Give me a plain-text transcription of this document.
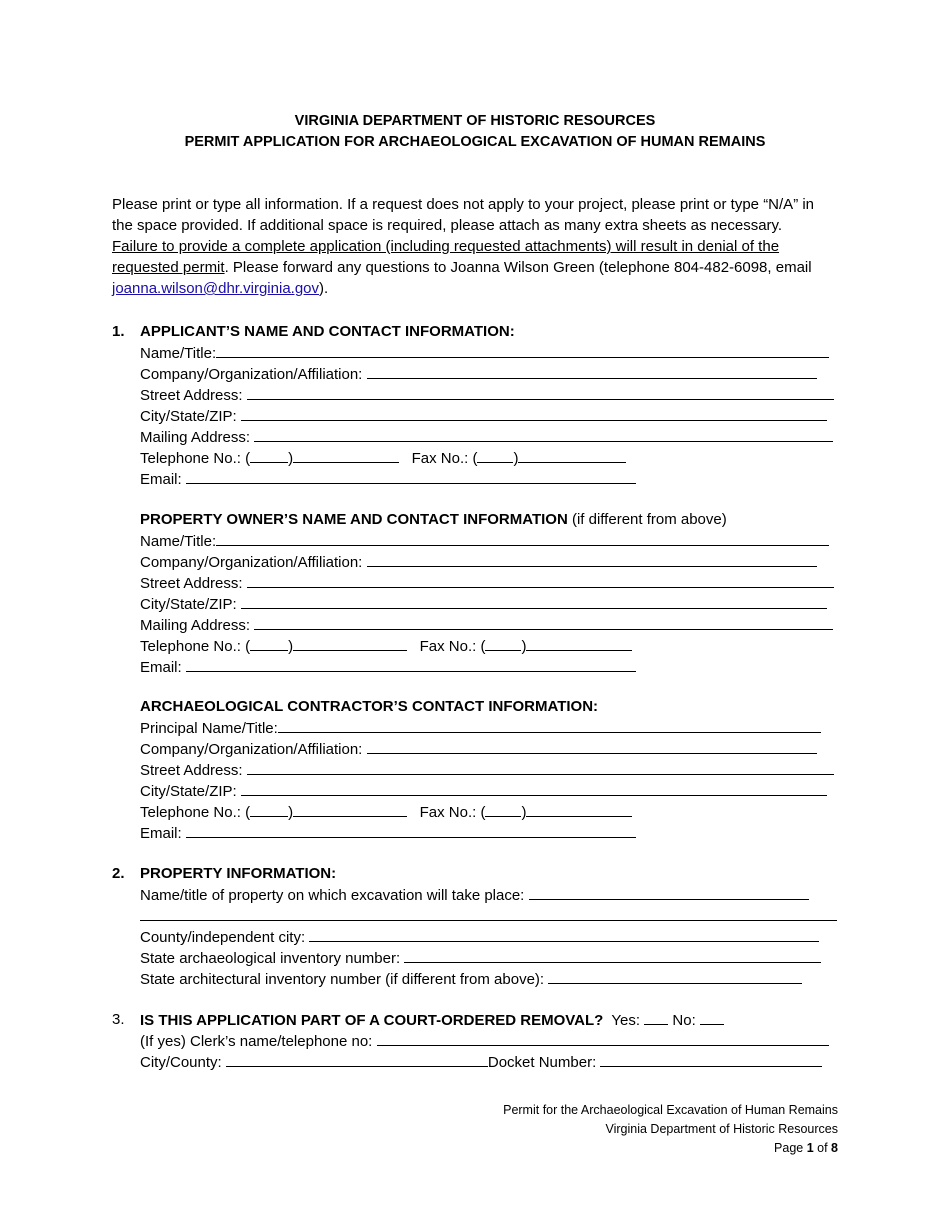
VIRGINIA DEPARTMENT OF HISTORIC RESOURCES
PERMIT APPLICATION FOR ARCHAEOLOGICAL EXCAVATION OF HUMAN REMAINS
Please print or type all information. If a request does not apply to your project, please print or type “N/A” in the space provided. If additional space is required, please attach as many extra sheets as necessary. Failure to provide a complete application (including requested attachments) will result in denial of the requested permit. Please forward any questions to Joanna Wilson Green (telephone 804-482-6098, email joanna.wilson@dhr.virginia.gov).
1. APPLICANT’S NAME AND CONTACT INFORMATION:
Name/Title:
Company/Organization/Affiliation:
Street Address:
City/State/ZIP:
Mailing Address:
Telephone No.: (	)	Fax No.: ( )
Email:
PROPERTY OWNER’S NAME AND CONTACT INFORMATION (if different from above)
Name/Title:
Company/Organization/Affiliation:
Street Address:
City/State/ZIP:
Mailing Address:
Telephone No.: (	)	Fax No.: ( )
Email:
ARCHAEOLOGICAL CONTRACTOR’S CONTACT INFORMATION:
Principal Name/Title:
Company/Organization/Affiliation:
Street Address:
City/State/ZIP:
Telephone No.: (	)	Fax No.: ( )
Email:
2. PROPERTY INFORMATION:
Name/title of property on which excavation will take place:
County/independent city:
State archaeological inventory number:
State architectural inventory number (if different from above):
3. IS THIS APPLICATION PART OF A COURT-ORDERED REMOVAL? Yes: No:
(If yes) Clerk’s name/telephone no:
City/County:	Docket Number:
Permit for the Archaeological Excavation of Human Remains
Virginia Department of Historic Resources
Page 1 of 8
